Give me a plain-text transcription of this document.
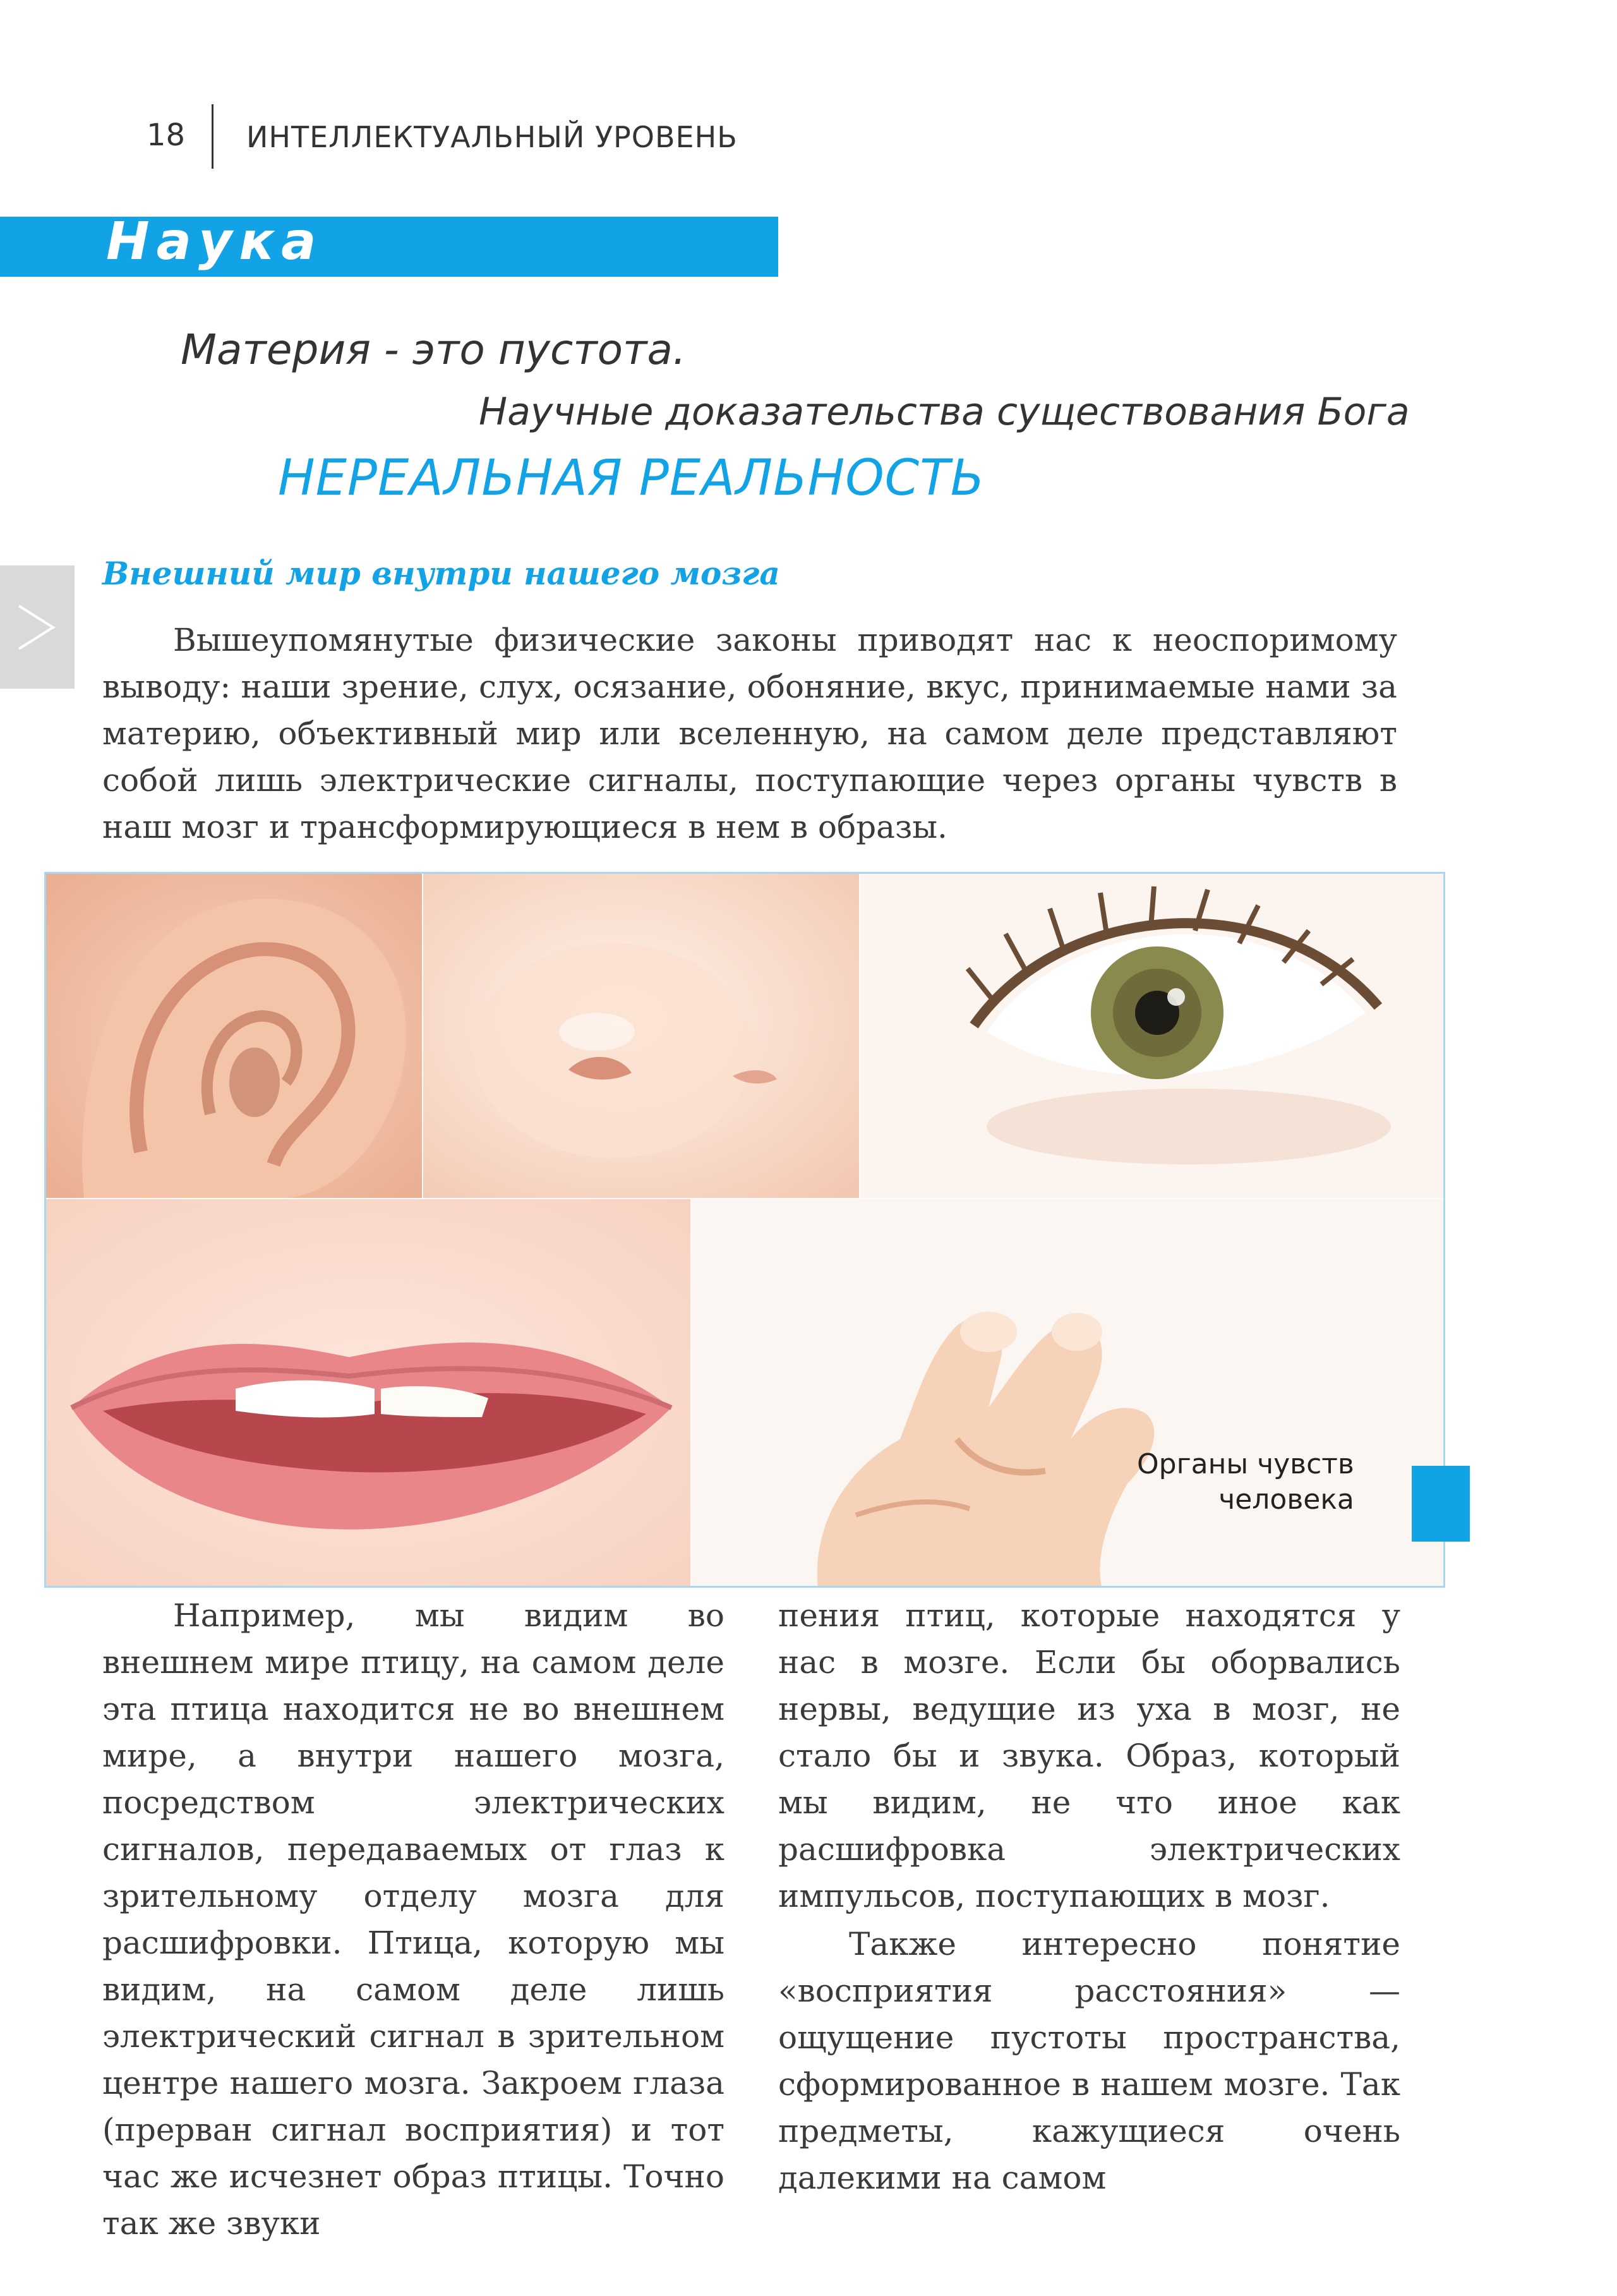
18 ИНТЕЛЛЕКТУАЛЬНЫЙ УРОВЕНЬ
Наука
Материя - это пустота.
Научные доказательства существования Бога
НЕРЕАЛЬНАЯ РЕАЛЬНОСТЬ
Внешний мир внутри нашего мозга

Вышеупомянутые физические законы приводят нас к неоспоримому выводу: наши зрение, слух, осязание, обоняние, вкус, принимаемые нами за материю, объективный мир или вселенную, на самом деле представляют собой лишь электрические сигналы, поступающие через органы чувств в наш мозг и трансформирующиеся в нем в образы.

Органы чувств
человека

Например, мы видим во внешнем мире птицу, на самом деле эта птица находится не во внешнем мире, а внутри нашего мозга, посредством электрических сигналов, передаваемых от глаз к зрительному отделу мозга для расшифровки. Птица, которую мы видим, на самом деле лишь электрический сигнал в зрительном центре нашего мозга. Закроем глаза (прерван сигнал восприятия) и тот час же исчезнет образ птицы. Точно так же звуки

пения птиц, которые находятся у нас в мозге. Если бы оборвались нервы, ведущие из уха в мозг, не стало бы и звука. Образ, который мы видим, не что иное как расшифровка электрических импульсов, поступающих в мозг.

Также интересно понятие «восприятия расстояния» — ощущение пустоты пространства, сформированное в нашем мозге. Так предметы, кажущиеся очень далекими на самом
